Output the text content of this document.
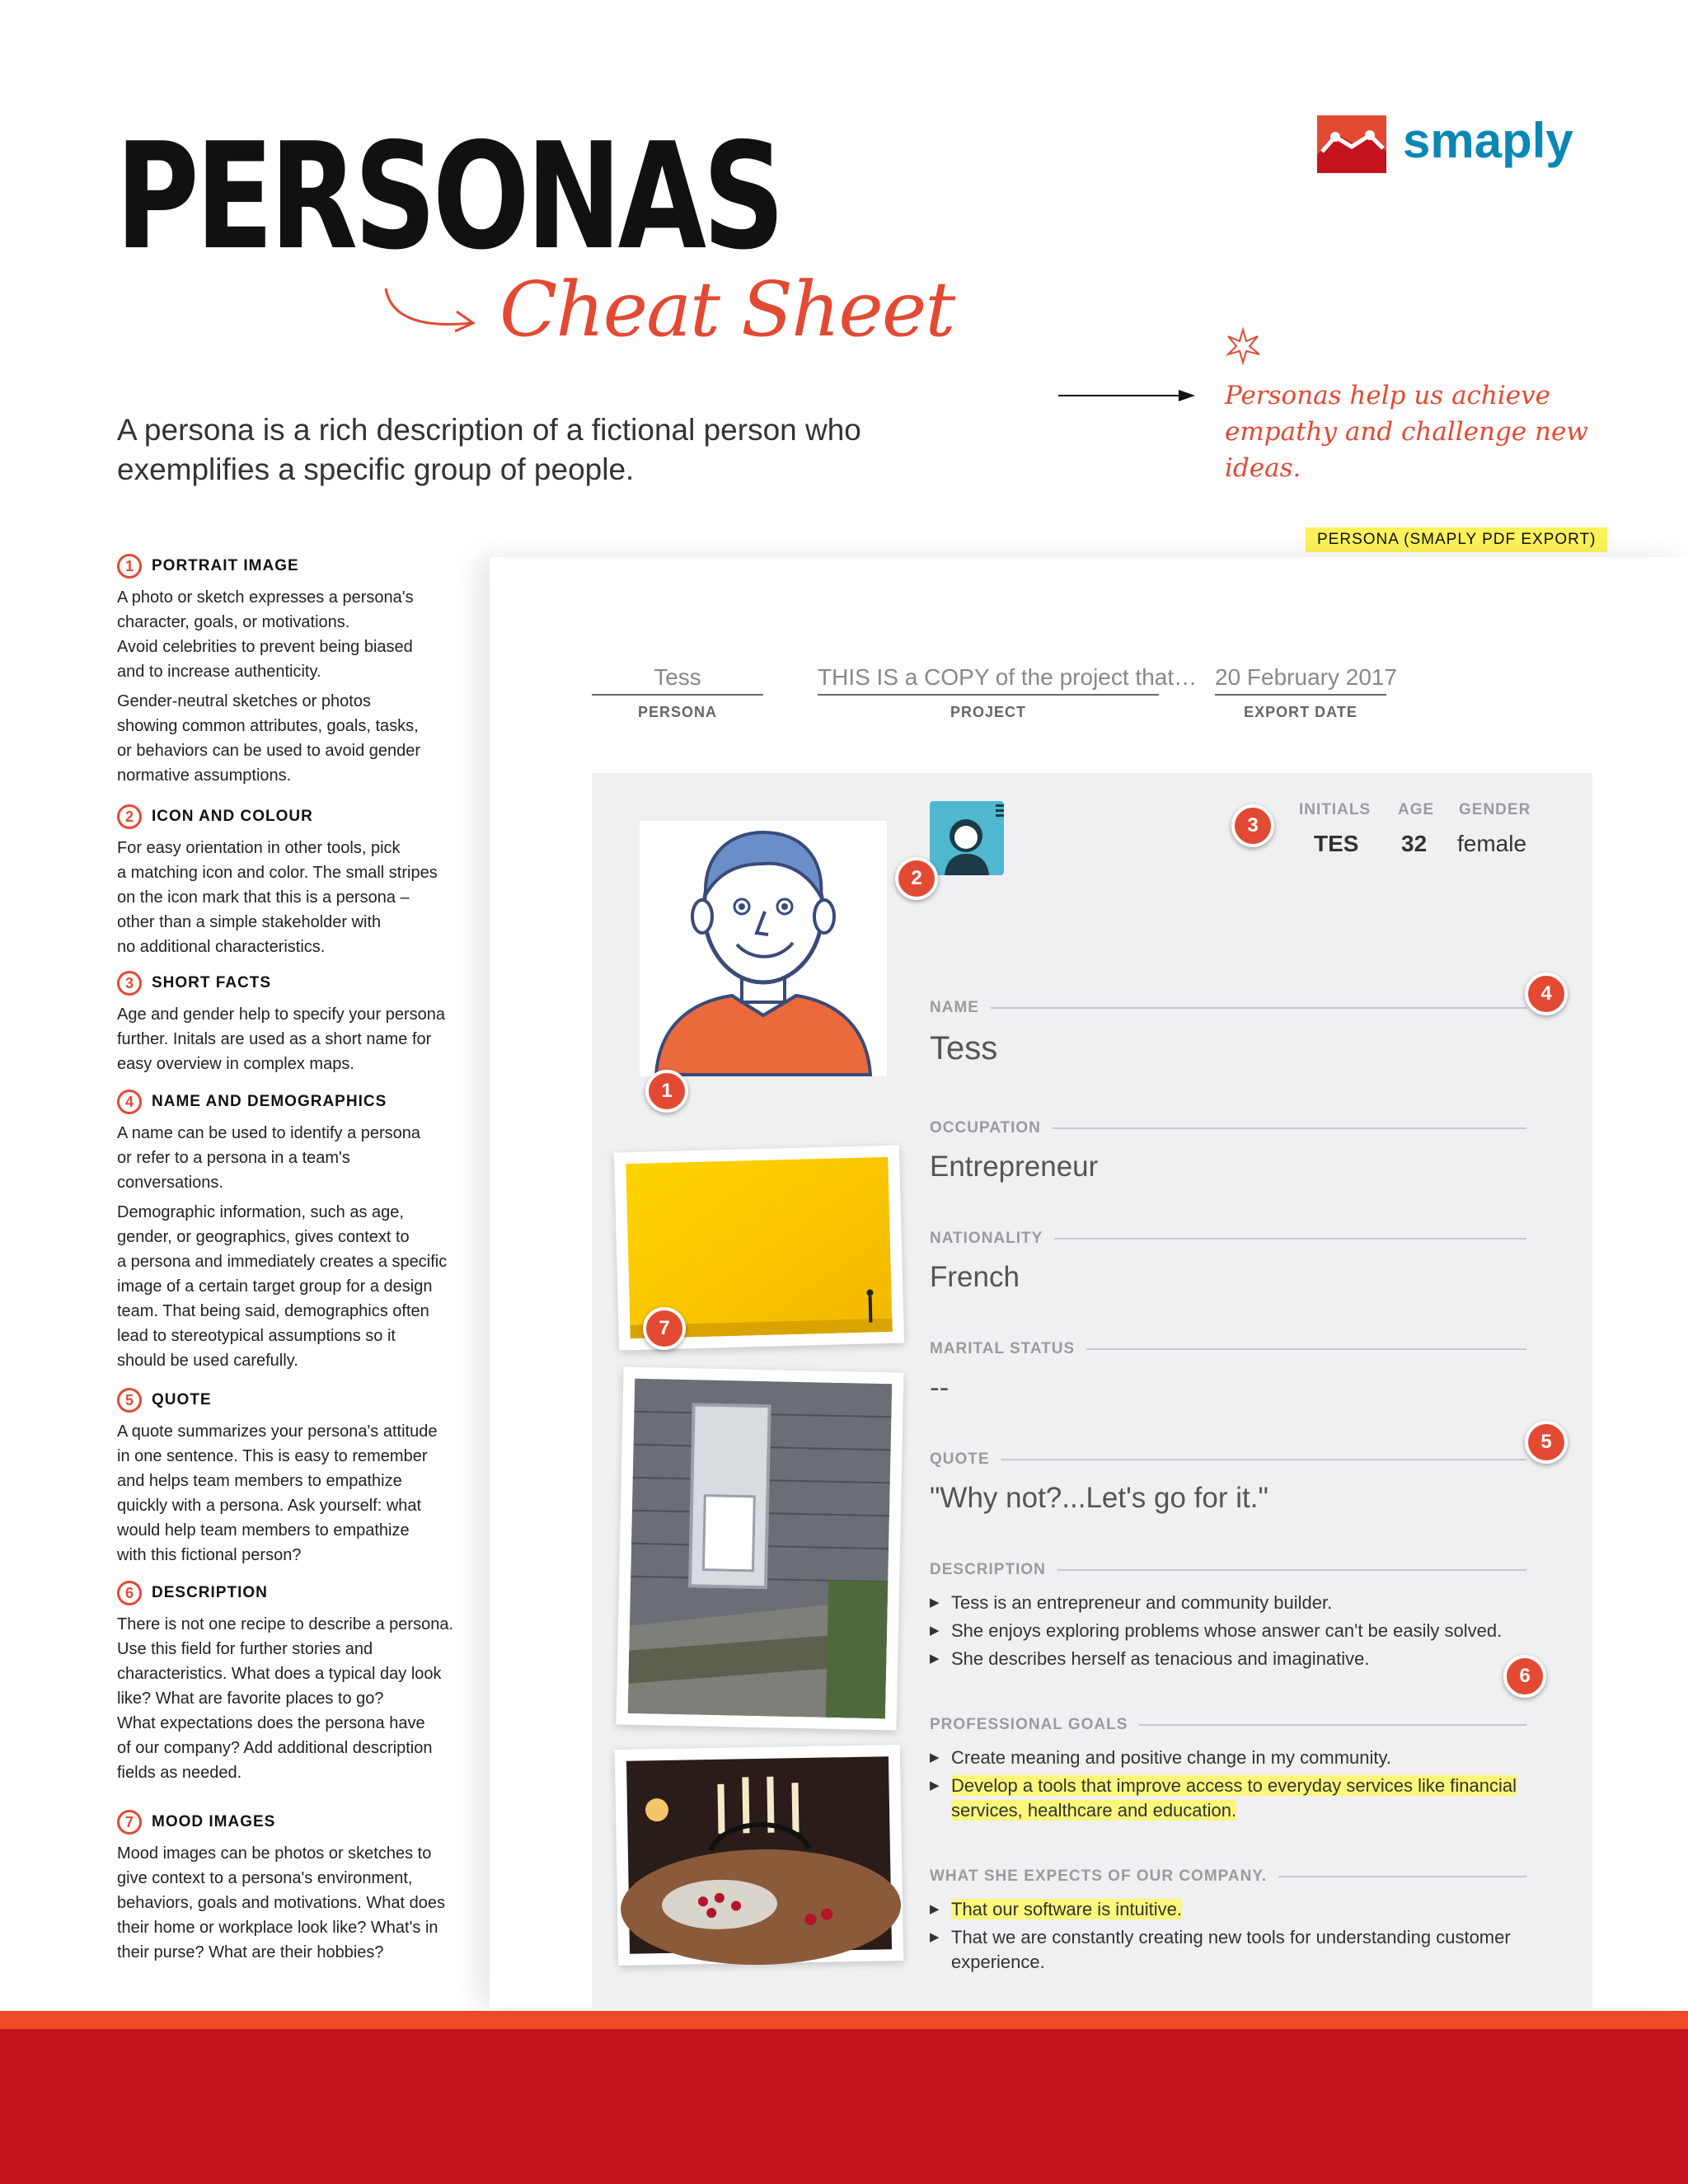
PERSONAS
Cheat Sheet
A persona is a rich description of a fictional person who exemplifies a specific group of people.
smaply
Personas help us achieve empathy and challenge new ideas.
1 PORTRAIT IMAGE

A photo or sketch expresses a persona's
character, goals, or motivations.
Avoid celebrities to prevent being biased
and to increase authenticity.

Gender-neutral sketches or photos
showing common attributes, goals, tasks,
or behaviors can be used to avoid gender
normative assumptions.

2 ICON AND COLOUR

For easy orientation in other tools, pick
a matching icon and color. The small stripes
on the icon mark that this is a persona –
other than a simple stakeholder with
no additional characteristics.

3 SHORT FACTS

Age and gender help to specify your persona
further. Initals are used as a short name for
easy overview in complex maps.

4 NAME AND DEMOGRAPHICS

A name can be used to identify a persona
or refer to a persona in a team's
conversations.

Demographic information, such as age,
gender, or geographics, gives context to
a persona and immediately creates a specific
image of a certain target group for a design
team. That being said, demographics often
lead to stereotypical assumptions so it
should be used carefully.

5 QUOTE

A quote summarizes your persona's attitude
in one sentence. This is easy to remember
and helps team members to empathize
quickly with a persona. Ask yourself: what
would help team members to empathize
with this fictional person?

6 DESCRIPTION

There is not one recipe to describe a persona.
Use this field for further stories and
characteristics. What does a typical day look
like? What are favorite places to go?
What expectations does the persona have
of our company? Add additional description
fields as needed.

7 MOOD IMAGES

Mood images can be photos or sketches to
give context to a persona's environment,
behaviors, goals and motivations. What does
their home or workplace look like? What's in
their purse? What are their hobbies?

PERSONA (SMAPLY PDF EXPORT)
Tess
PERSONA
THIS IS a COPY of the project that…
PROJECT
20 February 2017
EXPORT DATE
INITIALS
TES
AGE
32
GENDER
female
NAME
Tess
OCCUPATION
Entrepreneur
NATIONALITY
French
MARITAL STATUS
--
QUOTE
"Why not?...Let's go for it."
DESCRIPTION
▶ Tess is an entrepreneur and community builder.
▶ She enjoys exploring problems whose answer can't be easily solved.
▶ She describes herself as tenacious and imaginative.
PROFESSIONAL GOALS
▶ Create meaning and positive change in my community.
▶ Develop a tools that improve access to everyday services like financial services, healthcare and education.
WHAT SHE EXPECTS OF OUR COMPANY.
▶ That our software is intuitive.
▶ That we are constantly creating new tools for understanding customer experience.
1
2
3
4
5
6
7
